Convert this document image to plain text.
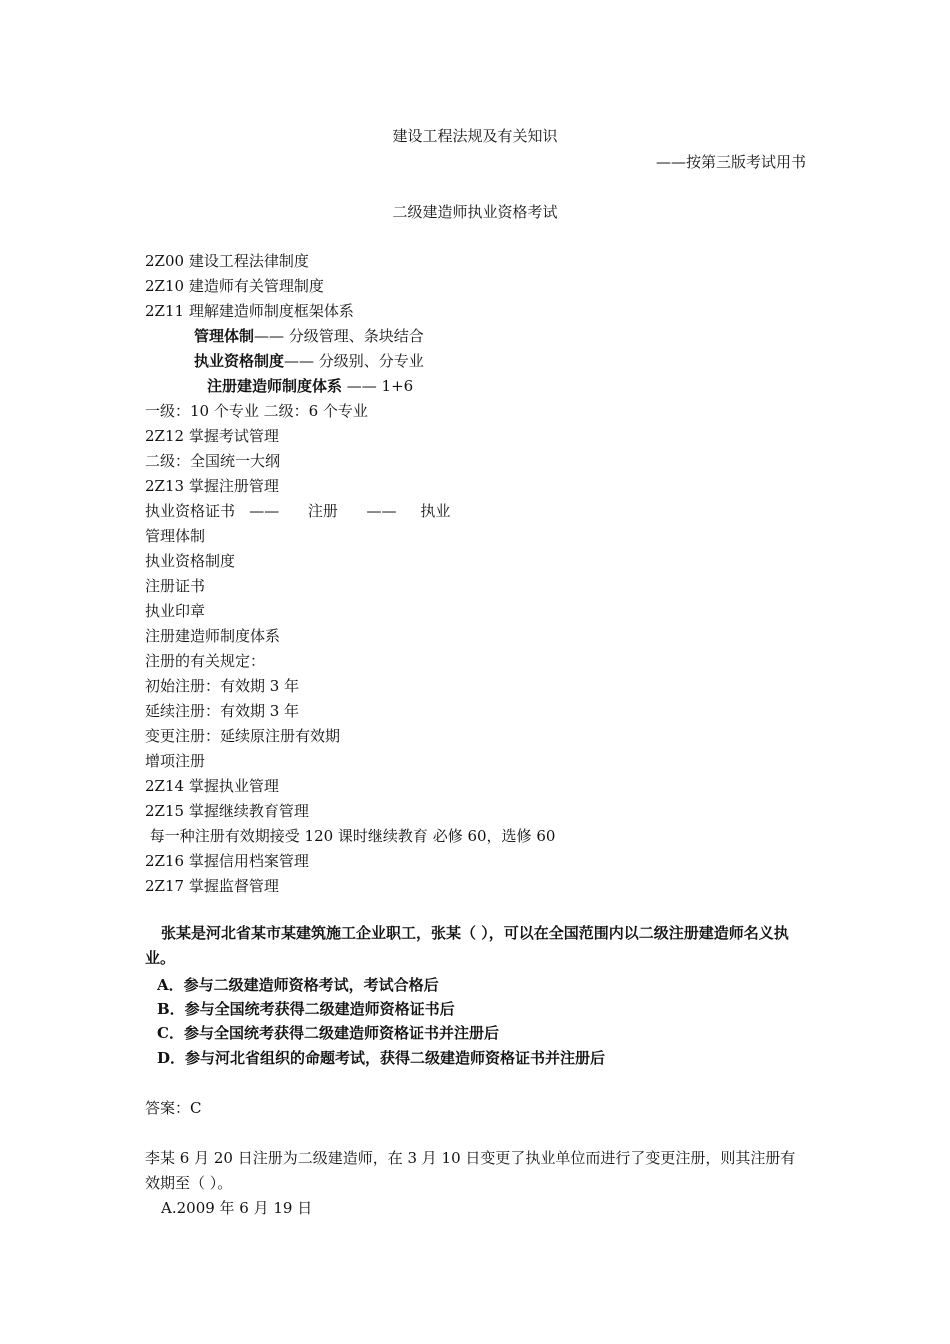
建设工程法规及有关知识
——按第三版考试用书
二级建造师执业资格考试
2Z00 建设工程法律制度
2Z10 建造师有关管理制度
2Z11 理解建造师制度框架体系
管理体制—— 分级管理、条块结合
执业资格制度—— 分级别、分专业
注册建造师制度体系 —— 1+6
一级：10 个专业 二级：6 个专业
2Z12 掌握考试管理
二级：全国统一大纲
2Z13 掌握注册管理
执业资格证书   ——      注册      ——     执业
管理体制
执业资格制度
注册证书
执业印章
注册建造师制度体系
注册的有关规定：
初始注册：有效期 3 年
延续注册：有效期 3 年
变更注册：延续原注册有效期
增项注册
2Z14 掌握执业管理
2Z15 掌握继续教育管理
每一种注册有效期接受 120 课时继续教育 必修 60，选修 60
2Z16 掌握信用档案管理
2Z17 掌握监督管理
张某是河北省某市某建筑施工企业职工，张某（ ），可以在全国范围内以二级注册建造师名义执业。
A．参与二级建造师资格考试，考试合格后
B．参与全国统考获得二级建造师资格证书后
C．参与全国统考获得二级建造师资格证书并注册后
D．参与河北省组织的命题考试，获得二级建造师资格证书并注册后
答案：C
李某 6 月 20 日注册为二级建造师，在 3 月 10 日变更了执业单位而进行了变更注册，则其注册有效期至（ ）。
A.2009 年 6 月 19 日
